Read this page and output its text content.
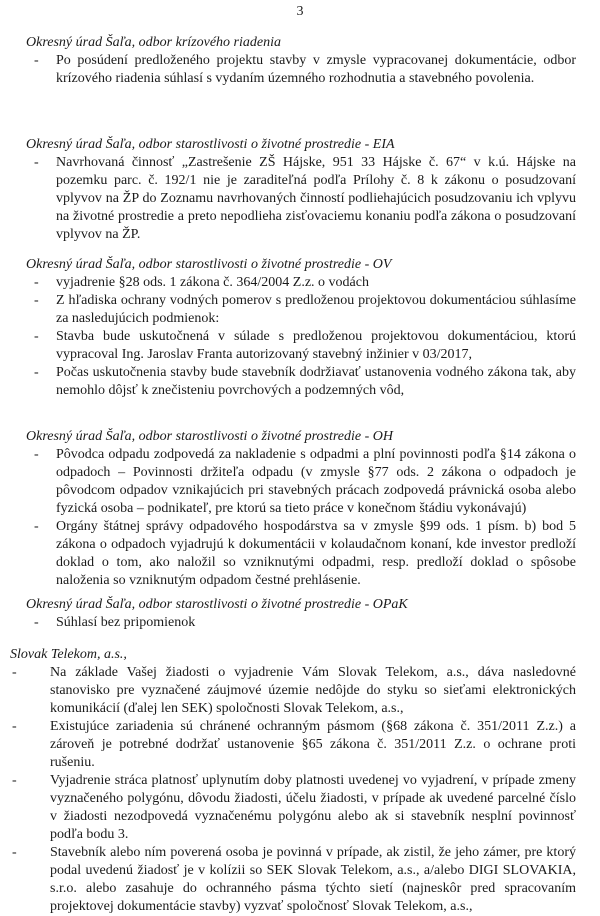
3
Okresný úrad Šaľa, odbor krízového riadenia
- Po posúdení predloženého projektu stavby v zmysle vypracovanej dokumentácie, odbor krízového riadenia súhlasí s vydaním územného rozhodnutia a stavebného povolenia.
Okresný úrad Šaľa, odbor starostlivosti o životné prostredie - EIA
- Navrhovaná činnosť „Zastrešenie ZŠ Hájske, 951 33 Hájske č. 67“ v k.ú. Hájske na pozemku parc. č. 192/1 nie je zaraditeľná podľa Prílohy č. 8 k zákonu o posudzovaní vplyvov na ŽP do Zoznamu navrhovaných činností podliehajúcich posudzovaniu ich vplyvu na životné prostredie a preto nepodlieha zisťovaciemu konaniu podľa zákona o posudzovaní vplyvov na ŽP.
Okresný úrad Šaľa, odbor starostlivosti o životné prostredie - OV
- vyjadrenie §28 ods. 1 zákona č. 364/2004 Z.z. o vodách
- Z hľadiska ochrany vodných pomerov s predloženou projektovou dokumentáciou súhlasíme za nasledujúcich podmienok:
- Stavba bude uskutočnená v súlade s predloženou projektovou dokumentáciou, ktorú vypracoval Ing. Jaroslav Franta autorizovaný stavebný inžinier v 03/2017,
- Počas uskutočnenia stavby bude stavebník dodržiavať ustanovenia vodného zákona tak, aby nemohlo dôjsť k znečisteniu povrchových a podzemných vôd,
Okresný úrad Šaľa, odbor starostlivosti o životné prostredie - OH
- Pôvodca odpadu zodpovedá za nakladenie s odpadmi a plní povinnosti podľa §14 zákona o odpadoch – Povinnosti držiteľa odpadu (v zmysle §77 ods. 2 zákona o odpadoch je pôvodcom odpadov vznikajúcich pri stavebných prácach zodpovedá právnická osoba alebo fyzická osoba – podnikateľ, pre ktorú sa tieto práce v konečnom štádiu vykonávajú)
- Orgány štátnej správy odpadového hospodárstva sa v zmysle §99 ods. 1 písm. b) bod 5 zákona o odpadoch vyjadrujú k dokumentácii v kolaudačnom konaní, kde investor predloží doklad o tom, ako naložil so vzniknutými odpadmi, resp. predloží doklad o spôsobe naloženia so vzniknutým odpadom čestné prehlásenie.
Okresný úrad Šaľa, odbor starostlivosti o životné prostredie - OPaK
- Súhlasí bez pripomienok
Slovak Telekom, a.s.,
- Na základe Vašej žiadosti o vyjadrenie Vám Slovak Telekom, a.s., dáva nasledovné stanovisko pre vyznačené záujmové územie nedôjde do styku so sieťami elektronických komunikácií (ďalej len SEK) spoločnosti Slovak Telekom, a.s.,
- Existujúce zariadenia sú chránené ochranným pásmom (§68 zákona č. 351/2011 Z.z.) a zároveň je potrebné dodržať ustanovenie §65 zákona č. 351/2011 Z.z. o ochrane proti rušeniu.
- Vyjadrenie stráca platnosť uplynutím doby platnosti uvedenej vo vyjadrení, v prípade zmeny vyznačeného polygónu, dôvodu žiadosti, účelu žiadosti, v prípade ak uvedené parcelné číslo v žiadosti nezodpovedá vyznačenému polygónu alebo ak si stavebník nesplní povinnosť podľa bodu 3.
- Stavebník alebo ním poverená osoba je povinná v prípade, ak zistil, že jeho zámer, pre ktorý podal uvedenú žiadosť je v kolízii so SEK Slovak Telekom, a.s., a/alebo DIGI SLOVAKIA, s.r.o. alebo zasahuje do ochranného pásma týchto sietí (najneskôr pred spracovaním projektovej dokumentácie stavby) vyzvať spoločnosť Slovak Telekom, a.s.,
